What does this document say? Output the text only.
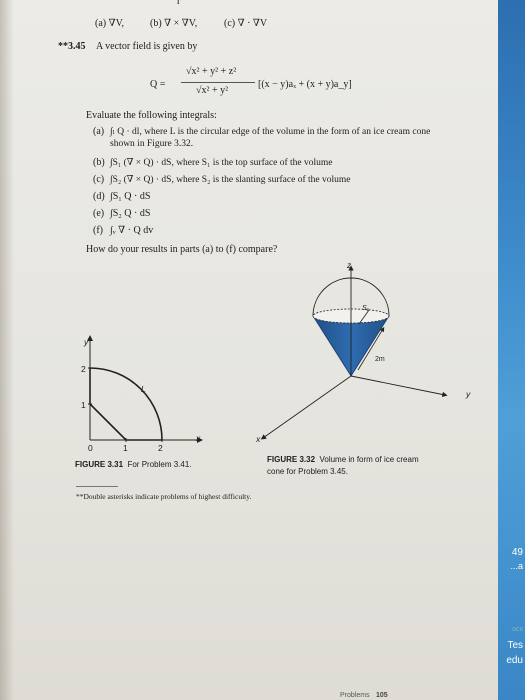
49
...a
ocx
Tes
edu
r
(a) ∇V,	(b) ∇ × ∇V,	(c) ∇ · ∇V
**3.45 A vector field is given by
Q =
√x² + y² + z²
√x² + y²
[(x − y)aₓ + (x + y)a_y]
Evaluate the following integrals:
(a) ∫ₗ Q · dl, where L is the circular edge of the volume in the form of an ice cream cone
shown in Figure 3.32.
(b) ∫S₁ (∇ × Q) · dS, where S₁ is the top surface of the volume
(c) ∫S₂ (∇ × Q) · dS, where S₂ is the slanting surface of the volume
(d) ∫S₁ Q · dS
(e) ∫S₂ Q · dS
(f) ∫ᵥ ∇ · Q dv
How do your results in parts (a) to (f) compare?
y
x
L
0	1	2
1
2
z
y
x
S₁
2m
FIGURE 3.31 For Problem 3.41.
FIGURE 3.32 Volume in form of ice cream
cone for Problem 3.45.
**Double asterisks indicate problems of highest difficulty.
Problems 105
